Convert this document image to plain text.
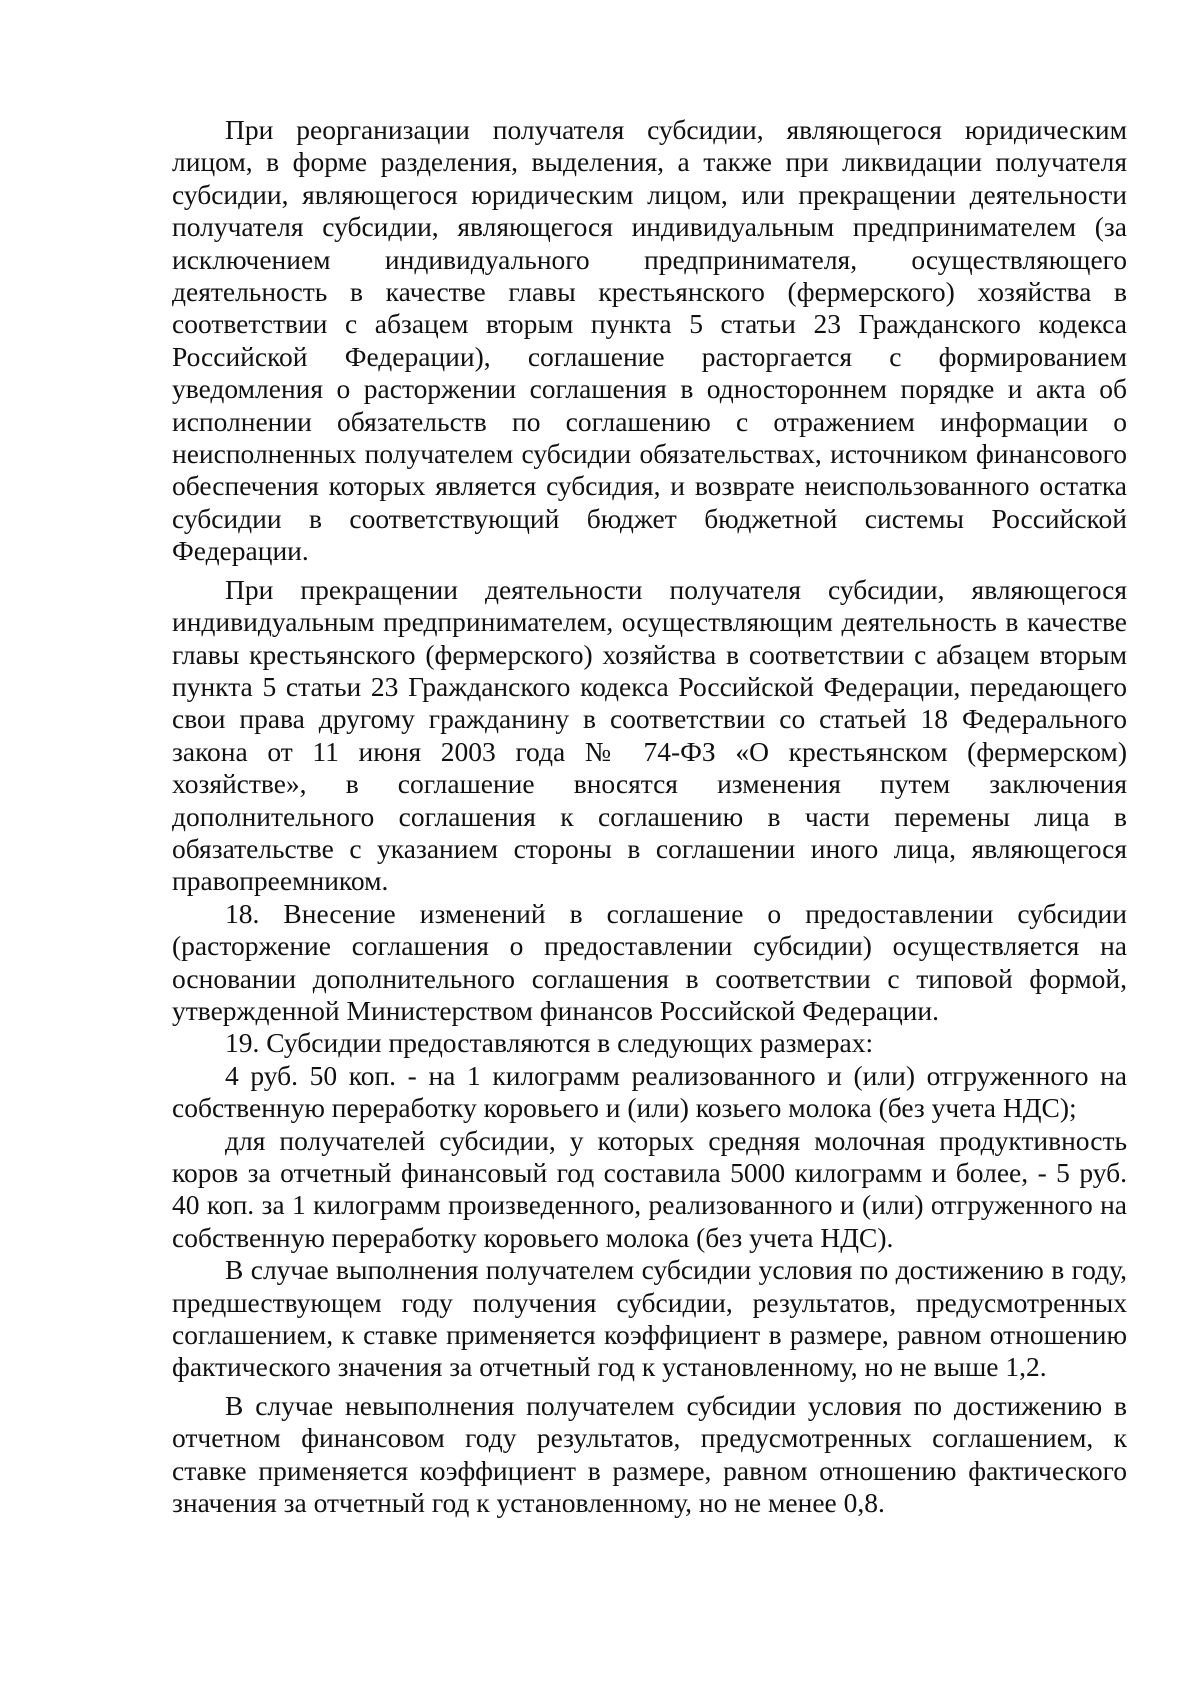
При реорганизации получателя субсидии, являющегося юридическим лицом, в форме разделения, выделения, а также при ликвидации получателя субсидии, являющегося юридическим лицом, или прекращении деятельности получателя субсидии, являющегося индивидуальным предпринимателем (за исключением индивидуального предпринимателя, осуществляющего деятельность в качестве главы крестьянского (фермерского) хозяйства в соответствии с абзацем вторым пункта 5 статьи 23 Гражданского кодекса Российской Федерации), соглашение расторгается с формированием уведомления о расторжении соглашения в одностороннем порядке и акта об исполнении обязательств по соглашению с отражением информации о неисполненных получателем субсидии обязательствах, источником финансового обеспечения которых является субсидия, и возврате неиспользованного остатка субсидии в соответствующий бюджет бюджетной системы Российской Федерации.

При прекращении деятельности получателя субсидии, являющегося индивидуальным предпринимателем, осуществляющим деятельность в качестве главы крестьянского (фермерского) хозяйства в соответствии с абзацем вторым пункта 5 статьи 23 Гражданского кодекса Российской Федерации, передающего свои права другому гражданину в соответствии со статьей 18 Федерального закона от 11 июня 2003 года № 74-ФЗ «О крестьянском (фермерском) хозяйстве», в соглашение вносятся изменения путем заключения дополнительного соглашения к соглашению в части перемены лица в обязательстве с указанием стороны в соглашении иного лица, являющегося правопреемником.

18. Внесение изменений в соглашение о предоставлении субсидии (расторжение соглашения о предоставлении субсидии) осуществляется на основании дополнительного соглашения в соответствии с типовой формой, утвержденной Министерством финансов Российской Федерации.

19. Субсидии предоставляются в следующих размерах:

4 руб. 50 коп. - на 1 килограмм реализованного и (или) отгруженного на собственную переработку коровьего и (или) козьего молока (без учета НДС);

для получателей субсидии, у которых средняя молочная продуктивность коров за отчетный финансовый год составила 5000 килограмм и более, - 5 руб. 40 коп. за 1 килограмм произведенного, реализованного и (или) отгруженного на собственную переработку коровьего молока (без учета НДС).

В случае выполнения получателем субсидии условия по достижению в году, предшествующем году получения субсидии, результатов, предусмотренных соглашением, к ставке применяется коэффициент в размере, равном отношению фактического значения за отчетный год к установленному, но не выше 1,2.

В случае невыполнения получателем субсидии условия по достижению в отчетном финансовом году результатов, предусмотренных соглашением, к ставке применяется коэффициент в размере, равном отношению фактического значения за отчетный год к установленному, но не менее 0,8.
